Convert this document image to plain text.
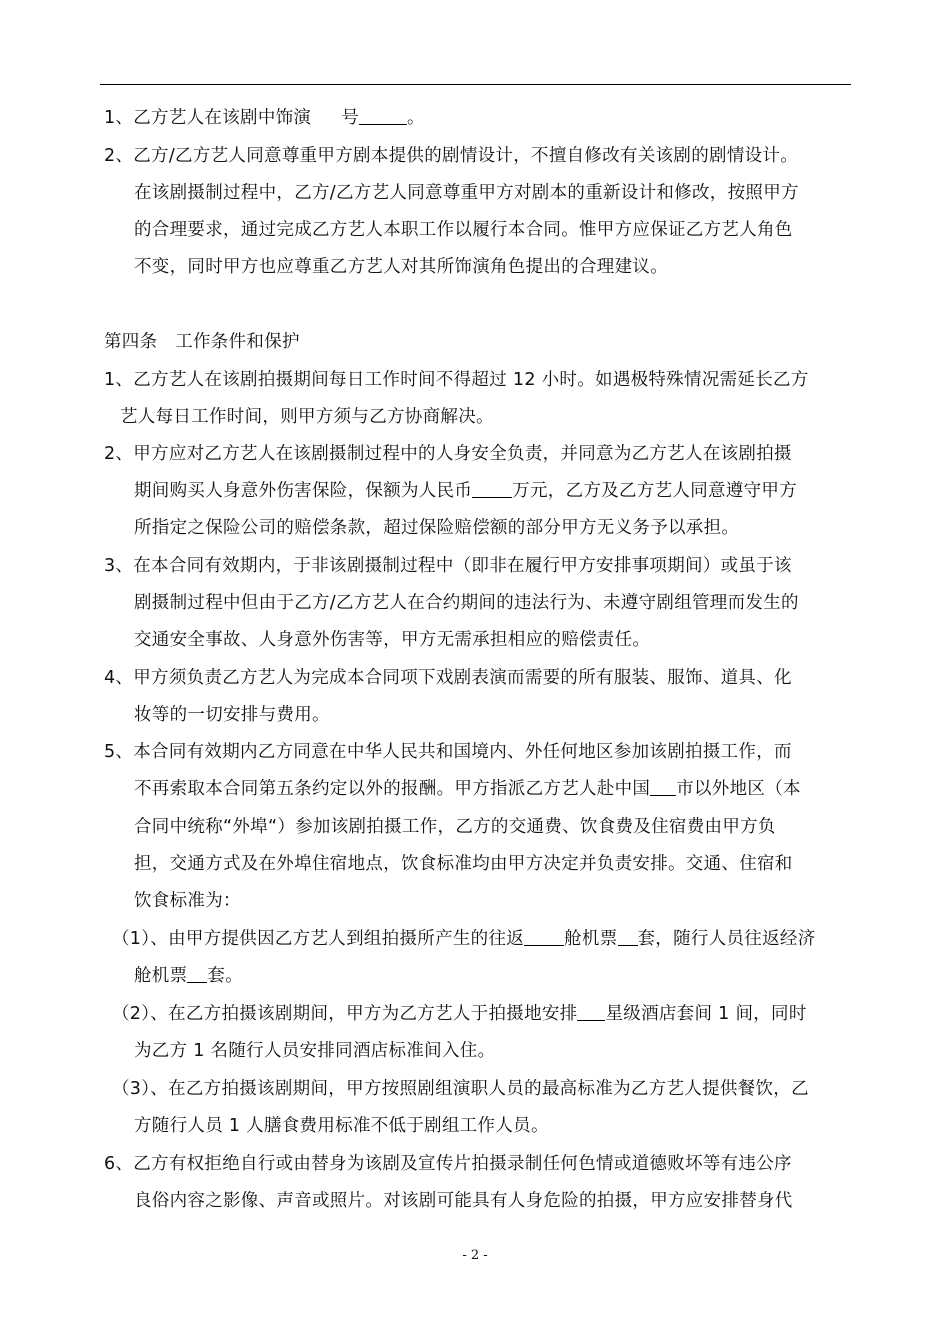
1、乙方艺人在该剧中饰演 号	。
2、乙方/乙方艺人同意尊重甲方剧本提供的剧情设计，不擅自修改有关该剧的剧情设计。
在该剧摄制过程中，乙方/乙方艺人同意尊重甲方对剧本的重新设计和修改，按照甲方
的合理要求，通过完成乙方艺人本职工作以履行本合同。惟甲方应保证乙方艺人角色
不变，同时甲方也应尊重乙方艺人对其所饰演角色提出的合理建议。
第四条　工作条件和保护
1、乙方艺人在该剧拍摄期间每日工作时间不得超过 12 小时。如遇极特殊情况需延长乙方
艺人每日工作时间，则甲方须与乙方协商解决。
2、甲方应对乙方艺人在该剧摄制过程中的人身安全负责，并同意为乙方艺人在该剧拍摄
期间购买人身意外伤害保险，保额为人民币 万元，乙方及乙方艺人同意遵守甲方
所指定之保险公司的赔偿条款，超过保险赔偿额的部分甲方无义务予以承担。
3、在本合同有效期内，于非该剧摄制过程中（即非在履行甲方安排事项期间）或虽于该
剧摄制过程中但由于乙方/乙方艺人在合约期间的违法行为、未遵守剧组管理而发生的
交通安全事故、人身意外伤害等，甲方无需承担相应的赔偿责任。
4、甲方须负责乙方艺人为完成本合同项下戏剧表演而需要的所有服装、服饰、道具、化
妆等的一切安排与费用。
5、本合同有效期内乙方同意在中华人民共和国境内、外任何地区参加该剧拍摄工作，而
不再索取本合同第五条约定以外的报酬。甲方指派乙方艺人赴中国 市以外地区（本
合同中统称“外埠“）参加该剧拍摄工作，乙方的交通费、饮食费及住宿费由甲方负
担，交通方式及在外埠住宿地点，饮食标准均由甲方决定并负责安排。交通、住宿和
饮食标准为：
（1）、由甲方提供因乙方艺人到组拍摄所产生的往返 舱机票 套，随行人员往返经济
舱机票 套。
（2）、在乙方拍摄该剧期间，甲方为乙方艺人于拍摄地安排 星级酒店套间 1 间，同时
为乙方 1 名随行人员安排同酒店标准间入住。
（3）、在乙方拍摄该剧期间，甲方按照剧组演职人员的最高标准为乙方艺人提供餐饮，乙
方随行人员 1 人膳食费用标准不低于剧组工作人员。
6、乙方有权拒绝自行或由替身为该剧及宣传片拍摄录制任何色情或道德败坏等有违公序
良俗内容之影像、声音或照片。对该剧可能具有人身危险的拍摄，甲方应安排替身代
- 2 -
